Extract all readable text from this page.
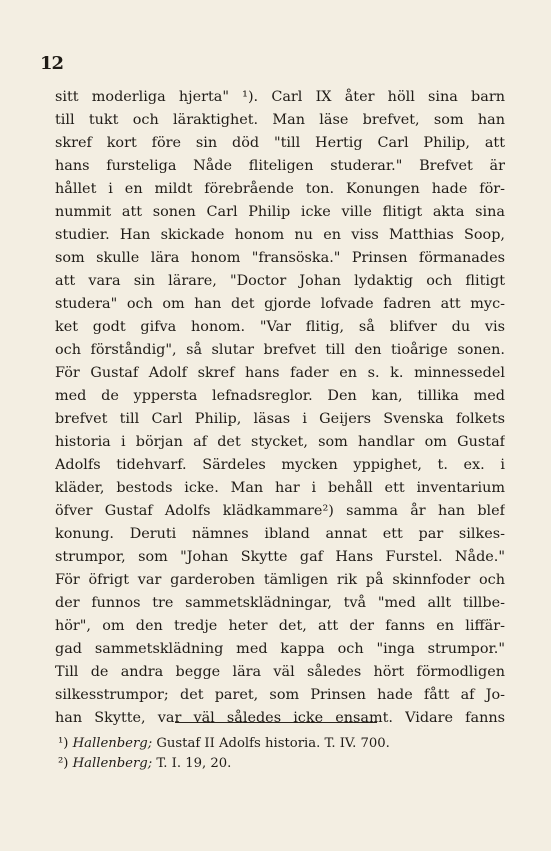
12
sitt moderliga hjerta" ¹). Carl IX åter höll sina barn
till tukt och läraktighet. Man läse brefvet, som han
skref kort före sin död "till Hertig Carl Philip, att
hans fursteliga Nåde fliteligen studerar." Brefvet är
hållet i en mildt förebrående ton. Konungen hade för-
nummit att sonen Carl Philip icke ville flitigt akta sina
studier. Han skickade honom nu en viss Matthias Soop,
som skulle lära honom "fransöska." Prinsen förmanades
att vara sin lärare, "Doctor Johan lydaktig och flitigt
studera" och om han det gjorde lofvade fadren att myc-
ket godt gifva honom. "Var flitig, så blifver du vis
och förståndig", så slutar brefvet till den tioårige sonen.
För Gustaf Adolf skref hans fader en s. k. minnessedel
med de yppersta lefnadsreglor. Den kan, tillika med
brefvet till Carl Philip, läsas i Geijers Svenska folkets
historia i början af det stycket, som handlar om Gustaf
Adolfs tidehvarf. Särdeles mycken yppighet, t. ex. i
kläder, bestods icke. Man har i behåll ett inventarium
öfver Gustaf Adolfs klädkammare²) samma år han blef
konung. Deruti nämnes ibland annat ett par silkes-
strumpor, som "Johan Skytte gaf Hans Furstel. Nåde."
För öfrigt var garderoben tämligen rik på skinnfoder och
der funnos tre sammetsklädningar, två "med allt tillbe-
hör", om den tredje heter det, att der fanns en liffär-
gad sammetsklädning med kappa och "inga strumpor."
Till de andra begge lära väl således hört förmodligen
silkesstrumpor; det paret, som Prinsen hade fått af Jo-
han Skytte, var väl således icke ensamt. Vidare fanns
¹) Hallenberg; Gustaf II Adolfs historia. T. IV. 700.
²) Hallenberg; T. I. 19, 20.
